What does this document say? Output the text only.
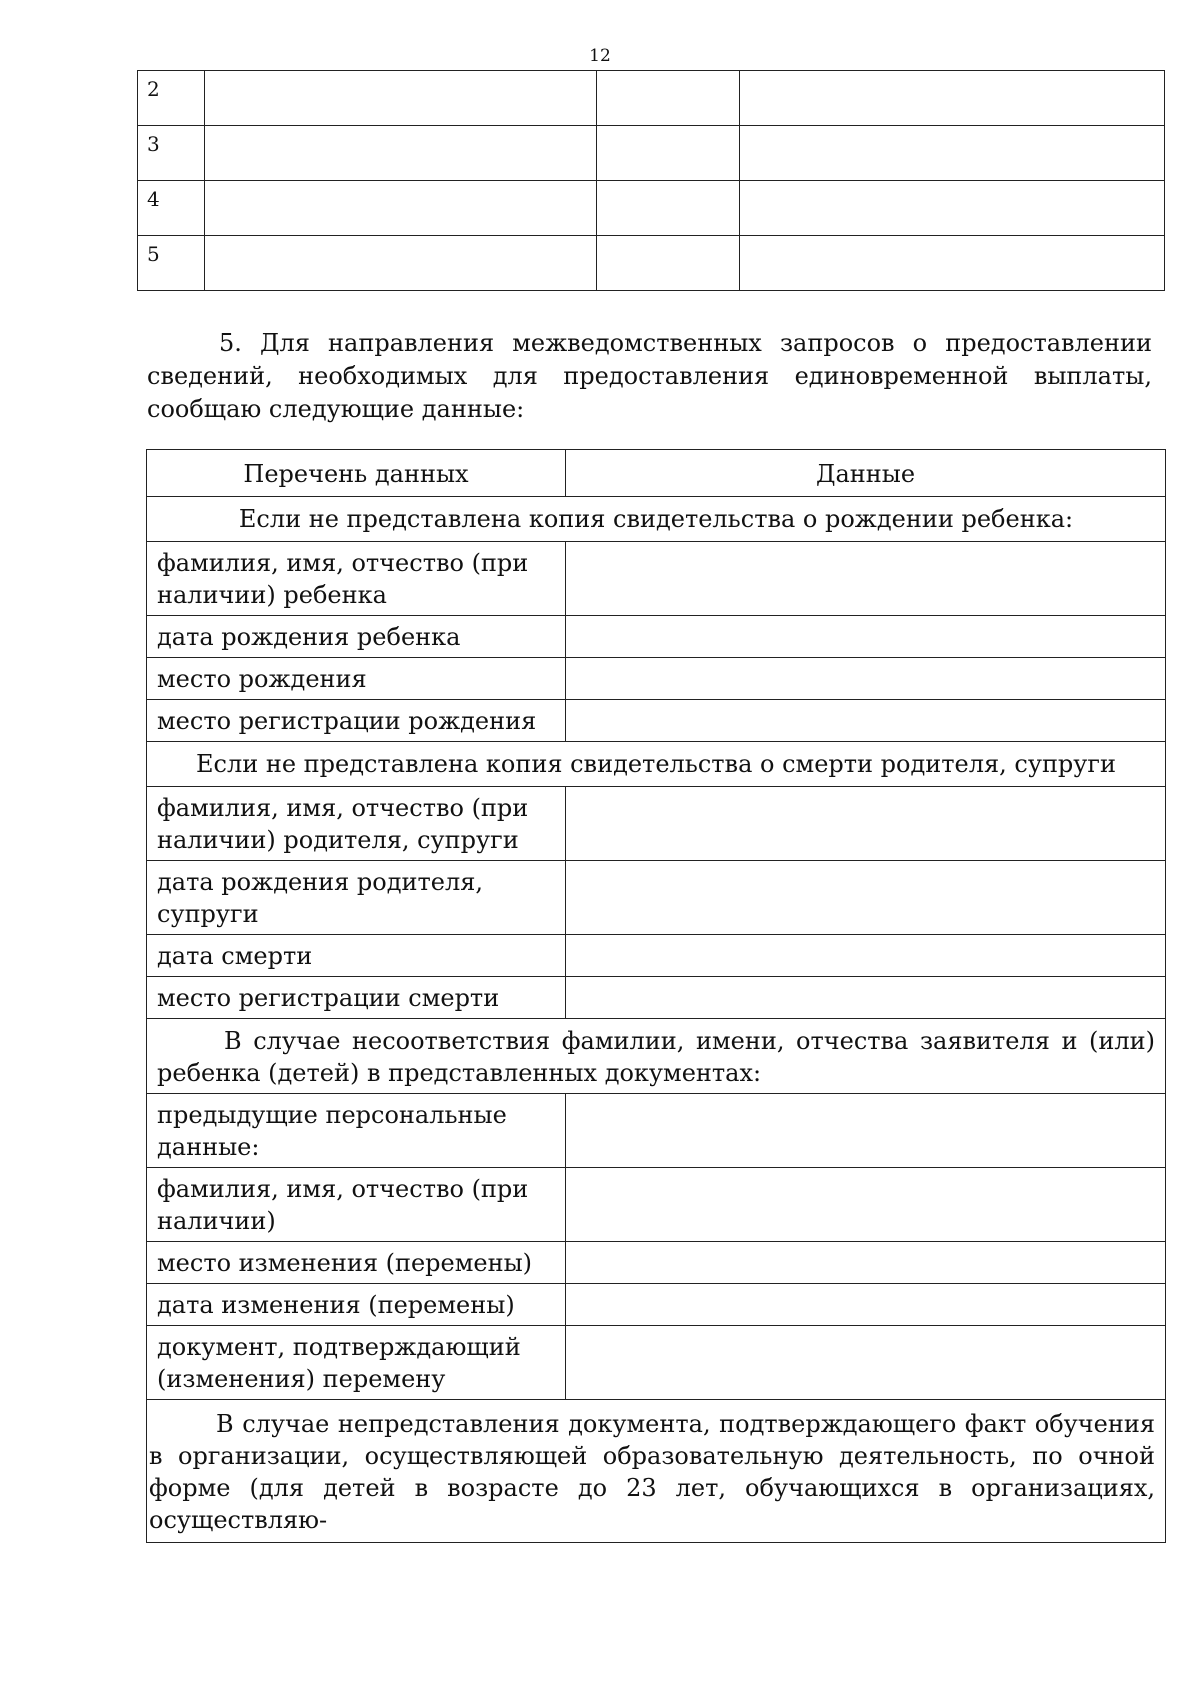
12
2			
3			
4			
5			

5. Для направления межведомственных запросов о предоставлении сведений, необходимых для предоставления единовременной выплаты, сообщаю следующие данные:

Перечень данных	Данные
Если не представлена копия свидетельства о рождении ребенка:	
фамилия, имя, отчество (при наличии) ребенка	
дата рождения ребенка	
место рождения	
место регистрации рождения	
Если не представлена копия свидетельства о смерти родителя, супруги	
фамилия, имя, отчество (при наличии) родителя, супруги	
дата рождения родителя, супруги	
дата смерти	
место регистрации смерти	
В случае несоответствия фамилии, имени, отчества заявителя и (или) ребенка (детей) в представленных документах:	
предыдущие персональные данные:	
фамилия, имя, отчество (при наличии)	
место изменения (перемены)	
дата изменения (перемены)	
документ, подтверждающий (изменения) перемену	
В случае непредставления документа, подтверждающего факт обучения в организации, осуществляющей образовательную деятельность, по очной форме (для детей в возрасте до 23 лет, обучающихся в организациях, осуществляю-	
